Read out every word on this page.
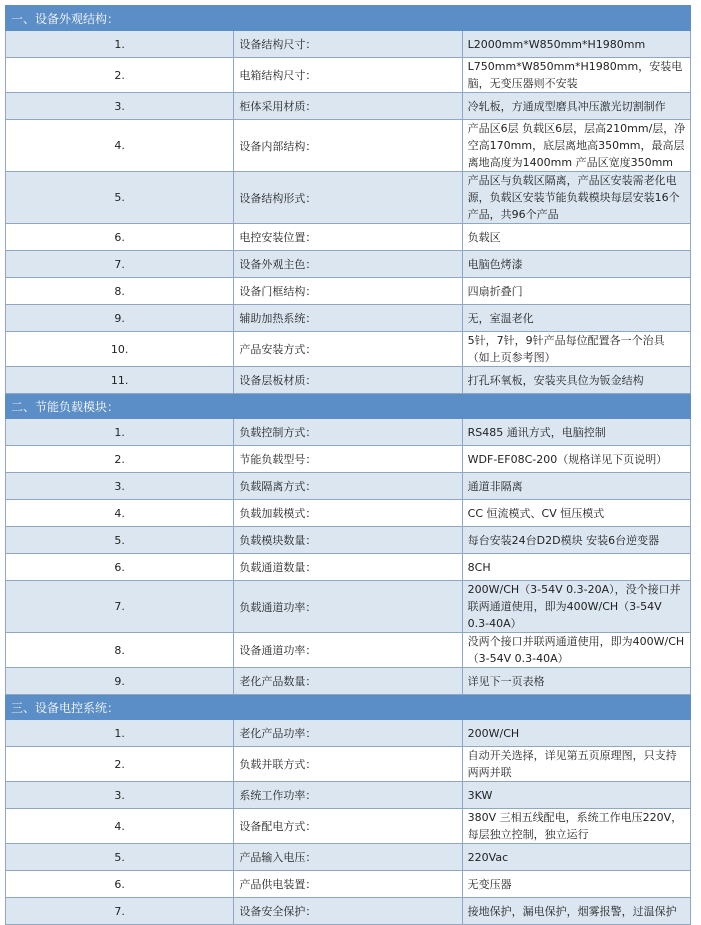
一、设备外观结构：		
1.	设备结构尺寸：	L2000mm*W850mm*H1980mm
2.	电箱结构尺寸：	L750mm*W850mm*H1980mm，安装电脑，无变压器则不安装
3.	柜体采用材质：	冷轧板，方通成型磨具冲压激光切割制作
4.	设备内部结构：	产品区6层 负载区6层，层高210mm/层，净空高170mm，底层离地高350mm，最高层离地高度为1400mm 产品区宽度350mm
5.	设备结构形式：	产品区与负载区隔离，产品区安装需老化电源，负载区安装节能负载模块每层安装16个产品，共96个产品
6.	电控安装位置：	负载区
7.	设备外观主色：	电脑色烤漆
8.	设备门框结构：	四扇折叠门
9.	辅助加热系统：	无，室温老化
10.	产品安装方式：	5针，7针，9针产品每位配置各一个治具（如上页参考图）
11.	设备层板材质：	打孔环氧板，安装夹具位为钣金结构
二、节能负载模块：		
1.	负载控制方式：	RS485 通讯方式，电脑控制
2.	节能负载型号：	WDF-EF08C-200（规格详见下页说明）
3.	负载隔离方式：	通道非隔离
4.	负载加载模式：	CC 恒流模式、CV 恒压模式
5.	负载模块数量：	每台安装24台D2D模块 安装6台逆变器
6.	负载通道数量：	8CH
7.	负载通道功率：	200W/CH（3-54V 0.3-20A），没个接口并联两通道使用，即为400W/CH（3-54V 0.3-40A）
8.	设备通道功率：	没两个接口并联两通道使用，即为400W/CH（3-54V 0.3-40A）
9.	老化产品数量：	详见下一页表格
三、设备电控系统：		
1.	老化产品功率：	200W/CH
2.	负载并联方式：	自动开关选择，详见第五页原理图，只支持两两并联
3.	系统工作功率：	3KW
4.	设备配电方式：	380V 三相五线配电，系统工作电压220V，每层独立控制，独立运行
5.	产品输入电压：	220Vac
6.	产品供电装置：	无变压器
7.	设备安全保护：	接地保护，漏电保护，烟雾报警，过温保护
